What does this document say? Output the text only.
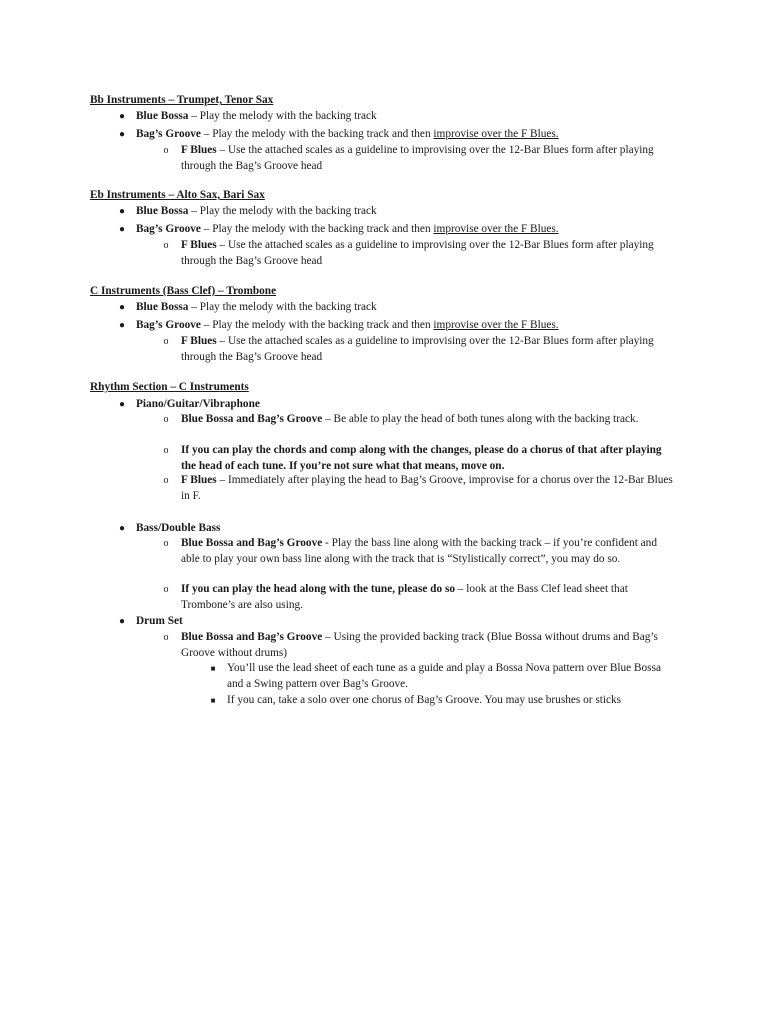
Bb Instruments – Trumpet, Tenor Sax
● Blue Bossa – Play the melody with the backing track
● Bag’s Groove – Play the melody with the backing track and then improvise over the F Blues.
o	F Blues – Use the attached scales as a guideline to improvising over the 12-Bar Blues form after playing through the Bag’s Groove head
Eb Instruments – Alto Sax, Bari Sax
● Blue Bossa – Play the melody with the backing track
● Bag’s Groove – Play the melody with the backing track and then improvise over the F Blues.
o	F Blues – Use the attached scales as a guideline to improvising over the 12-Bar Blues form after playing through the Bag’s Groove head
C Instruments (Bass Clef) – Trombone
● Blue Bossa – Play the melody with the backing track
● Bag’s Groove – Play the melody with the backing track and then improvise over the F Blues.
o	F Blues – Use the attached scales as a guideline to improvising over the 12-Bar Blues form after playing through the Bag’s Groove head
Rhythm Section – C Instruments
● Piano/Guitar/Vibraphone
o	Blue Bossa and Bag’s Groove – Be able to play the head of both tunes along with the backing track.
o	If you can play the chords and comp along with the changes, please do a chorus of that after playing the head of each tune. If you’re not sure what that means, move on.
o	F Blues – Immediately after playing the head to Bag’s Groove, improvise for a chorus over the 12-Bar Blues in F.
● Bass/Double Bass
o	Blue Bossa and Bag’s Groove - Play the bass line along with the backing track – if you’re confident and able to play your own bass line along with the track that is “Stylistically correct”, you may do so.
o	If you can play the head along with the tune, please do so – look at the Bass Clef lead sheet that Trombone’s are also using.
● Drum Set
o	Blue Bossa and Bag’s Groove – Using the provided backing track (Blue Bossa without drums and Bag’s Groove without drums)
■	You’ll use the lead sheet of each tune as a guide and play a Bossa Nova pattern over Blue Bossa and a Swing pattern over Bag’s Groove.
■	If you can, take a solo over one chorus of Bag’s Groove. You may use brushes or sticks
